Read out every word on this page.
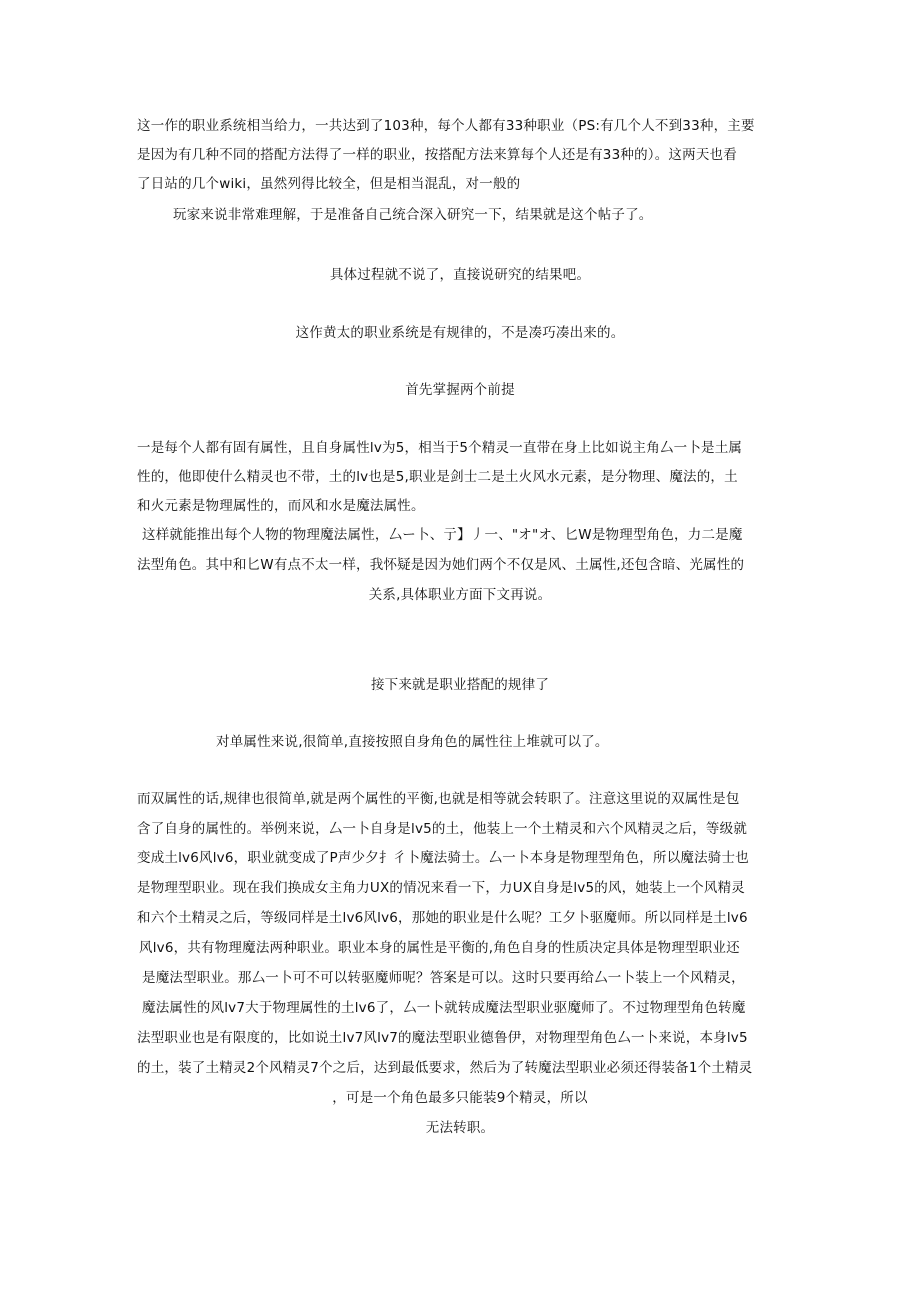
这一作的职业系统相当给力，一共达到了103种，每个人都有33种职业（PS:有几个人不到33种，主要
是因为有几种不同的搭配方法得了一样的职业，按搭配方法来算每个人还是有33种的）。这两天也看
了日站的几个wiki，虽然列得比较全，但是相当混乱，对一般的
玩家来说非常难理解，于是准备自己统合深入研究一下，结果就是这个帖子了。
具体过程就不说了，直接说研究的结果吧。
这作黄太的职业系统是有规律的，不是凑巧凑出来的。
首先掌握两个前提
一是每个人都有固有属性，且自身属性lv为5，相当于5个精灵一直带在身上比如说主角厶一卜是土属
性的，他即使什么精灵也不带，土的lv也是5,职业是剑士二是土火风水元素，是分物理、魔法的，土
和火元素是物理属性的，而风和水是魔法属性。
这样就能推出每个人物的物理魔法属性，厶ー卜、亍】丿一、"オ"オ、匕W是物理型角色，力二是魔
法型角色。其中和匕W有点不太一样，我怀疑是因为她们两个不仅是风、土属性,还包含暗、光属性的
关系,具体职业方面下文再说。
接下来就是职业搭配的规律了
对单属性来说,很简单,直接按照自身角色的属性往上堆就可以了。
而双属性的话,规律也很简单,就是两个属性的平衡,也就是相等就会转职了。注意这里说的双属性是包
含了自身的属性的。举例来说，厶一卜自身是lv5的土，他装上一个土精灵和六个风精灵之后，等级就
变成土lv6风lv6，职业就变成了P声少夕扌彳卜魔法骑士。厶一卜本身是物理型角色，所以魔法骑士也
是物理型职业。现在我们换成女主角力UX的情况来看一下，力UX自身是lv5的风，她装上一个风精灵
和六个土精灵之后，等级同样是土lv6风lv6，那她的职业是什么呢？工夕卜驱魔师。所以同样是土lv6
风lv6，共有物理魔法两种职业。职业本身的属性是平衡的,角色自身的性质决定具体是物理型职业还
是魔法型职业。那厶一卜可不可以转驱魔师呢？答案是可以。这时只要再给厶一卜装上一个风精灵，
魔法属性的风lv7大于物理属性的土lv6了，厶一卜就转成魔法型职业驱魔师了。不过物理型角色转魔
法型职业也是有限度的，比如说土lv7风lv7的魔法型职业德鲁伊，对物理型角色厶一卜来说，本身lv5
的土，装了土精灵2个风精灵7个之后，达到最低要求，然后为了转魔法型职业必须还得装备1个土精灵
，可是一个角色最多只能装9个精灵，所以
无法转职。
